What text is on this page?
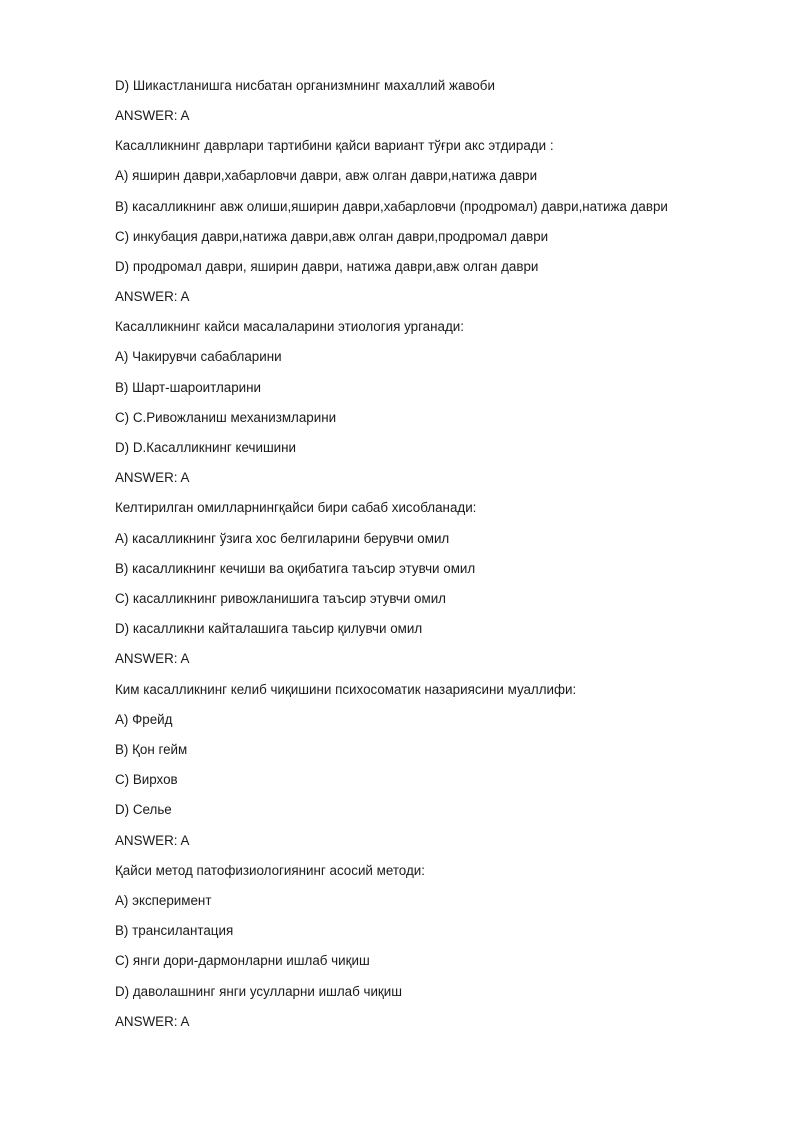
D) Шикастланишга нисбатан организмнинг махаллий жавоби
ANSWER: A
Касалликнинг даврлари тартибини қайси вариант тўғри акс этдиради :
A) яширин даври,хабарловчи даври, авж олган даври,натижа даври
B) касалликнинг авж олиши,яширин даври,хабарловчи (продромал) даври,натижа даври
C) инкубация даври,натижа даври,авж олган даври,продромал даври
D) продромал даври, яширин даври, натижа даври,авж олган даври
ANSWER: A
Касалликнинг кайси масалаларини этиология урганади:
A) Чакирувчи сабабларини
B) Шарт-шароитларини
C) С.Ривожланиш механизмларини
D) D.Касалликнинг кечишини
ANSWER: A
Келтирилган омилларнингқайси бири сабаб хисобланади:
A) касалликнинг ўзига хос белгиларини берувчи омил
B) касалликнинг кечиши ва оқибатига таъсир этувчи омил
C) касалликнинг ривожланишига таъсир этувчи омил
D) касалликни кайталашига таьсир қилувчи омил
ANSWER: A
Ким касалликнинг келиб чиқишини психосоматик назариясини муаллифи:
A) Фрейд
B) Қон гейм
C) Вирхов
D) Селье
ANSWER: A
Қайси метод патофизиологиянинг асосий методи:
A) эксперимент
B) трансилантация
C) янги дори-дармонларни ишлаб чиқиш
D) даволашнинг янги усулларни ишлаб чиқиш
ANSWER: A
